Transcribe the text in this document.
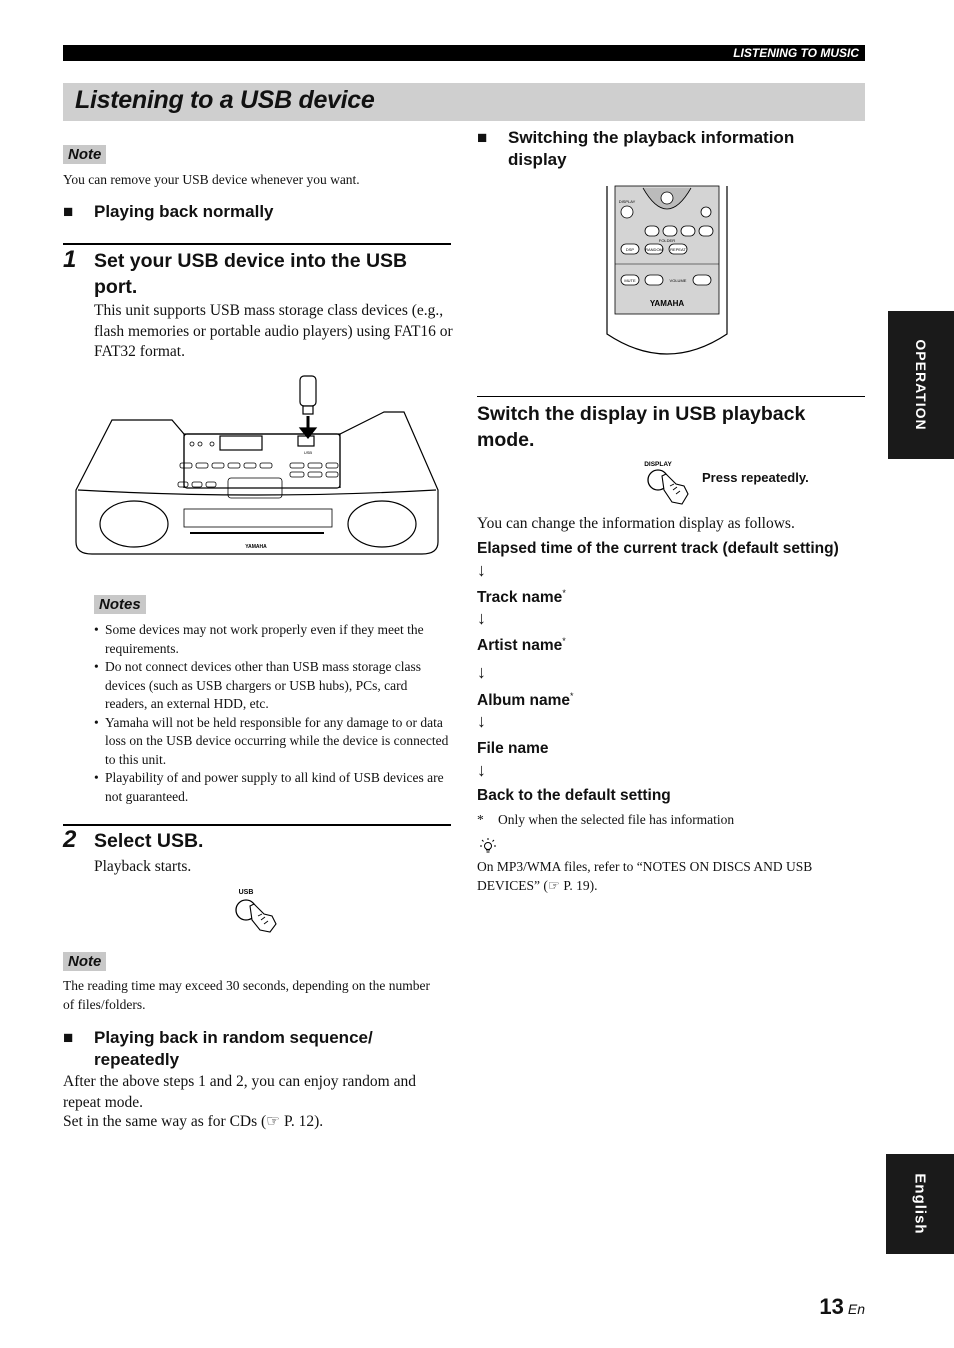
LISTENING TO MUSIC
Listening to a USB device
Note
You can remove your USB device whenever you want.
■ Playing back normally
1 Set your USB device into the USB port.
This unit supports USB mass storage class devices (e.g., flash memories or portable audio players) using FAT16 or FAT32 format.
USB
YAMAHA
Notes
• Some devices may not work properly even if they meet the requirements.
• Do not connect devices other than USB mass storage class devices (such as USB chargers or USB hubs), PCs, card readers, an external HDD, etc.
• Yamaha will not be held responsible for any damage to or data loss on the USB device occurring while the device is connected to this unit.
• Playability of and power supply to all kind of USB devices are not guaranteed.
2 Select USB.
Playback starts.
USB
Note
The reading time may exceed 30 seconds, depending on the number of files/folders.
■ Playing back in random sequence/ repeatedly
After the above steps 1 and 2, you can enjoy random and repeat mode.
Set in the same way as for CDs (☞ P. 12).
■ Switching the playback information display
DISPLAY
FOLDER
DSP	RANDOM REPEAT
MUTE	VOLUME
YAMAHA
Switch the display in USB playback mode.
DISPLAY
Press repeatedly.
You can change the information display as follows.
Elapsed time of the current track (default setting)
↓
Track name*
↓
Artist name*
↓
Album name*
↓
File name
↓
Back to the default setting
* Only when the selected file has information
On MP3/WMA files, refer to “NOTES ON DISCS AND USB DEVICES” (☞ P. 19).
OPERATION
English
13 En
